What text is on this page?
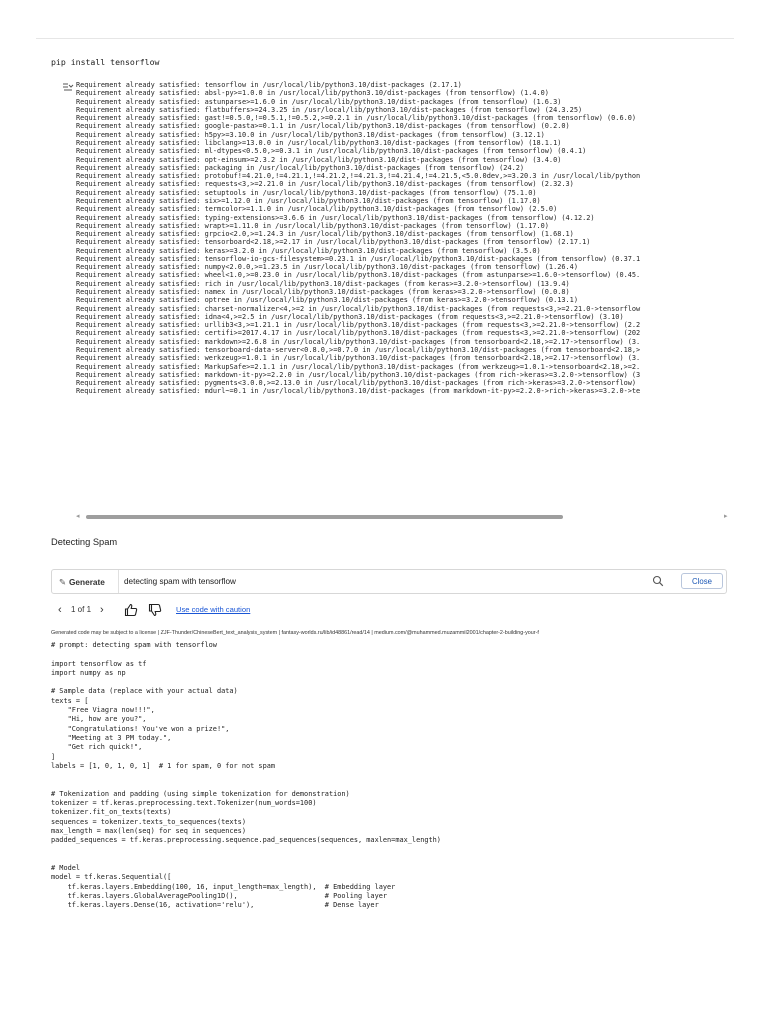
pip install tensorflow
Requirement already satisfied: tensorflow in /usr/local/lib/python3.10/dist-packages (2.17.1)
Requirement already satisfied: absl-py>=1.0.0 in /usr/local/lib/python3.10/dist-packages (from tensorflow) (1.4.0)
Requirement already satisfied: astunparse>=1.6.0 in /usr/local/lib/python3.10/dist-packages (from tensorflow) (1.6.3)
Requirement already satisfied: flatbuffers>=24.3.25 in /usr/local/lib/python3.10/dist-packages (from tensorflow) (24.3.25)
Requirement already satisfied: gast!=0.5.0,!=0.5.1,!=0.5.2,>=0.2.1 in /usr/local/lib/python3.10/dist-packages (from tensorflow) (0.6.0)
Requirement already satisfied: google-pasta>=0.1.1 in /usr/local/lib/python3.10/dist-packages (from tensorflow) (0.2.0)
Requirement already satisfied: h5py>=3.10.0 in /usr/local/lib/python3.10/dist-packages (from tensorflow) (3.12.1)
Requirement already satisfied: libclang>=13.0.0 in /usr/local/lib/python3.10/dist-packages (from tensorflow) (18.1.1)
Requirement already satisfied: ml-dtypes<0.5.0,>=0.3.1 in /usr/local/lib/python3.10/dist-packages (from tensorflow) (0.4.1)
Requirement already satisfied: opt-einsum>=2.3.2 in /usr/local/lib/python3.10/dist-packages (from tensorflow) (3.4.0)
Requirement already satisfied: packaging in /usr/local/lib/python3.10/dist-packages (from tensorflow) (24.2)
Requirement already satisfied: protobuf!=4.21.0,!=4.21.1,!=4.21.2,!=4.21.3,!=4.21.4,!=4.21.5,<5.0.0dev,>=3.20.3 in /usr/local/lib/python
Requirement already satisfied: requests<3,>=2.21.0 in /usr/local/lib/python3.10/dist-packages (from tensorflow) (2.32.3)
Requirement already satisfied: setuptools in /usr/local/lib/python3.10/dist-packages (from tensorflow) (75.1.0)
Requirement already satisfied: six>=1.12.0 in /usr/local/lib/python3.10/dist-packages (from tensorflow) (1.17.0)
Requirement already satisfied: termcolor>=1.1.0 in /usr/local/lib/python3.10/dist-packages (from tensorflow) (2.5.0)
Requirement already satisfied: typing-extensions>=3.6.6 in /usr/local/lib/python3.10/dist-packages (from tensorflow) (4.12.2)
Requirement already satisfied: wrapt>=1.11.0 in /usr/local/lib/python3.10/dist-packages (from tensorflow) (1.17.0)
Requirement already satisfied: grpcio<2.0,>=1.24.3 in /usr/local/lib/python3.10/dist-packages (from tensorflow) (1.68.1)
Requirement already satisfied: tensorboard<2.18,>=2.17 in /usr/local/lib/python3.10/dist-packages (from tensorflow) (2.17.1)
Requirement already satisfied: keras>=3.2.0 in /usr/local/lib/python3.10/dist-packages (from tensorflow) (3.5.0)
Requirement already satisfied: tensorflow-io-gcs-filesystem>=0.23.1 in /usr/local/lib/python3.10/dist-packages (from tensorflow) (0.37.1
Requirement already satisfied: numpy<2.0.0,>=1.23.5 in /usr/local/lib/python3.10/dist-packages (from tensorflow) (1.26.4)
Requirement already satisfied: wheel<1.0,>=0.23.0 in /usr/local/lib/python3.10/dist-packages (from astunparse>=1.6.0->tensorflow) (0.45.
Requirement already satisfied: rich in /usr/local/lib/python3.10/dist-packages (from keras>=3.2.0->tensorflow) (13.9.4)
Requirement already satisfied: namex in /usr/local/lib/python3.10/dist-packages (from keras>=3.2.0->tensorflow) (0.0.8)
Requirement already satisfied: optree in /usr/local/lib/python3.10/dist-packages (from keras>=3.2.0->tensorflow) (0.13.1)
Requirement already satisfied: charset-normalizer<4,>=2 in /usr/local/lib/python3.10/dist-packages (from requests<3,>=2.21.0->tensorflow
Requirement already satisfied: idna<4,>=2.5 in /usr/local/lib/python3.10/dist-packages (from requests<3,>=2.21.0->tensorflow) (3.10)
Requirement already satisfied: urllib3<3,>=1.21.1 in /usr/local/lib/python3.10/dist-packages (from requests<3,>=2.21.0->tensorflow) (2.2
Requirement already satisfied: certifi>=2017.4.17 in /usr/local/lib/python3.10/dist-packages (from requests<3,>=2.21.0->tensorflow) (202
Requirement already satisfied: markdown>=2.6.8 in /usr/local/lib/python3.10/dist-packages (from tensorboard<2.18,>=2.17->tensorflow) (3.
Requirement already satisfied: tensorboard-data-server<0.8.0,>=0.7.0 in /usr/local/lib/python3.10/dist-packages (from tensorboard<2.18,>
Requirement already satisfied: werkzeug>=1.0.1 in /usr/local/lib/python3.10/dist-packages (from tensorboard<2.18,>=2.17->tensorflow) (3.
Requirement already satisfied: MarkupSafe>=2.1.1 in /usr/local/lib/python3.10/dist-packages (from werkzeug>=1.0.1->tensorboard<2.18,>=2.
Requirement already satisfied: markdown-it-py>=2.2.0 in /usr/local/lib/python3.10/dist-packages (from rich->keras>=3.2.0->tensorflow) (3
Requirement already satisfied: pygments<3.0.0,>=2.13.0 in /usr/local/lib/python3.10/dist-packages (from rich->keras>=3.2.0->tensorflow)
Requirement already satisfied: mdurl~=0.1 in /usr/local/lib/python3.10/dist-packages (from markdown-it-py>=2.2.0->rich->keras>=3.2.0->te
◂	▸
Detecting Spam
✎ Generate
detecting spam with tensorflow	Close
‹ 1 of 1 ›	Use code with caution
Generated code may be subject to a license | ZJF-Thunder/ChineseBert_text_analysis_system | fantasy-worlds.ru/lib/id48861/read/14 | medium.com/@muhammed.muzammil2001/chapter-2-building-your-f
# prompt: detecting spam with tensorflow
import tensorflow as tf
import numpy as np
# Sample data (replace with your actual data)
texts = [
"Free Viagra now!!!",
"Hi, how are you?",
"Congratulations! You've won a prize!",
"Meeting at 3 PM today.",
"Get rich quick!",
]
labels = [1, 0, 1, 0, 1]  # 1 for spam, 0 for not spam
# Tokenization and padding (using simple tokenization for demonstration)
tokenizer = tf.keras.preprocessing.text.Tokenizer(num_words=100)
tokenizer.fit_on_texts(texts)
sequences = tokenizer.texts_to_sequences(texts)
max_length = max(len(seq) for seq in sequences)
padded_sequences = tf.keras.preprocessing.sequence.pad_sequences(sequences, maxlen=max_length)
# Model
model = tf.keras.Sequential([
tf.keras.layers.Embedding(100, 16, input_length=max_length),  # Embedding layer
tf.keras.layers.GlobalAveragePooling1D(),                     # Pooling layer
tf.keras.layers.Dense(16, activation='relu'),                 # Dense layer
